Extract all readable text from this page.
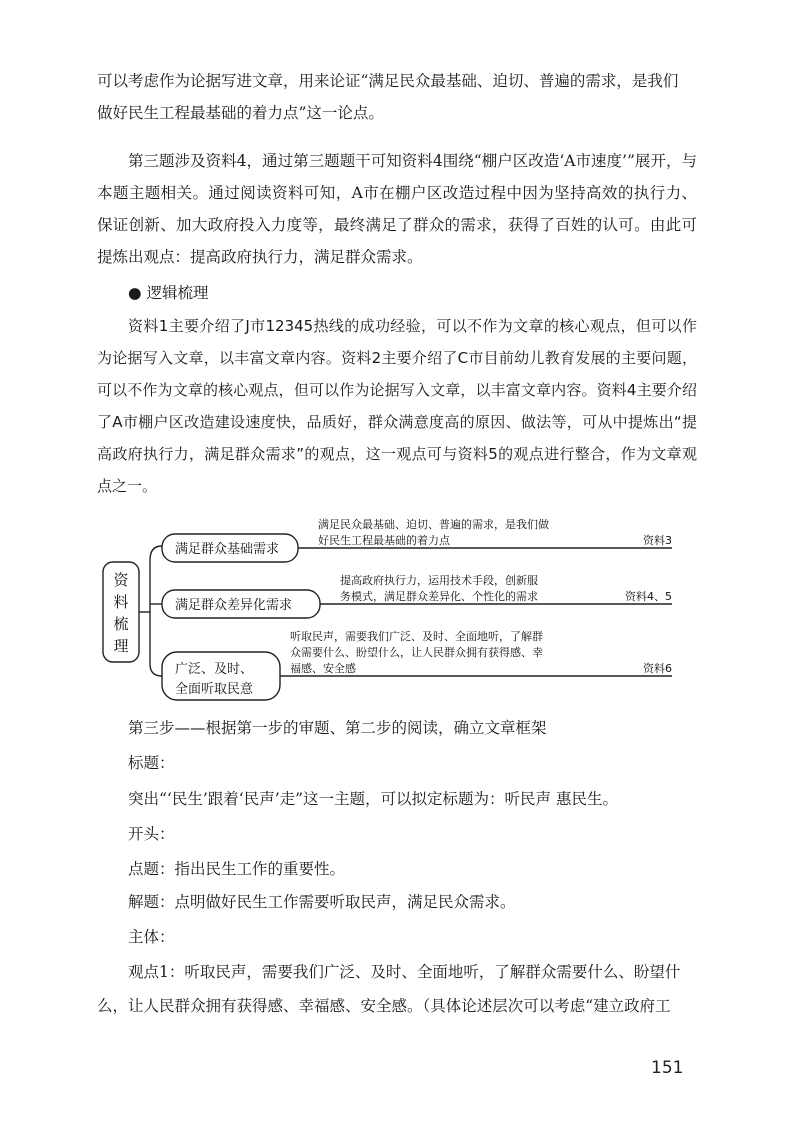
可以考虑作为论据写进文章，用来论证“满足民众最基础、迫切、普遍的需求，是我们
做好民生工程最基础的着力点”这一论点。

第三题涉及资料4，通过第三题题干可知资料4围绕“棚户区改造‘A市速度’”展开，与本题主题相关。通过阅读资料可知，A市在棚户区改造过程中因为坚持高效的执行力、保证创新、加大政府投入力度等，最终满足了群众的需求，获得了百姓的认可。由此可提炼出观点：提高政府执行力，满足群众需求。

● 逻辑梳理

资料1主要介绍了J市12345热线的成功经验，可以不作为文章的核心观点，但可以作为论据写入文章，以丰富文章内容。资料2主要介绍了C市目前幼儿教育发展的主要问题，可以不作为文章的核心观点，但可以作为论据写入文章，以丰富文章内容。资料4主要介绍了A市棚户区改造建设速度快，品质好，群众满意度高的原因、做法等，可从中提炼出“提高政府执行力，满足群众需求”的观点，这一观点可与资料5的观点进行整合，作为文章观点之一。

资
料
梳
理
满足群众基础需求
满足群众差异化需求
广泛、及时、
全面听取民意
满足民众最基础、迫切、普遍的需求，是我们做
好民生工程最基础的着力点
提高政府执行力，运用技术手段，创新服
务模式，满足群众差异化、个性化的需求
听取民声，需要我们广泛、及时、全面地听，了解群
众需要什么、盼望什么，让人民群众拥有获得感、幸
福感、安全感
资料3
资料4、5
资料6
第三步——根据第一步的审题、第二步的阅读，确立文章框架
标题：
突出“‘民生’跟着‘民声’走”这一主题，可以拟定标题为：听民声 惠民生。
开头：
点题：指出民生工作的重要性。
解题：点明做好民生工作需要听取民声，满足民众需求。
主体：
观点1：听取民声，需要我们广泛、及时、全面地听，了解群众需要什么、盼望什
么，让人民群众拥有获得感、幸福感、安全感。（具体论述层次可以考虑“建立政府工
151
